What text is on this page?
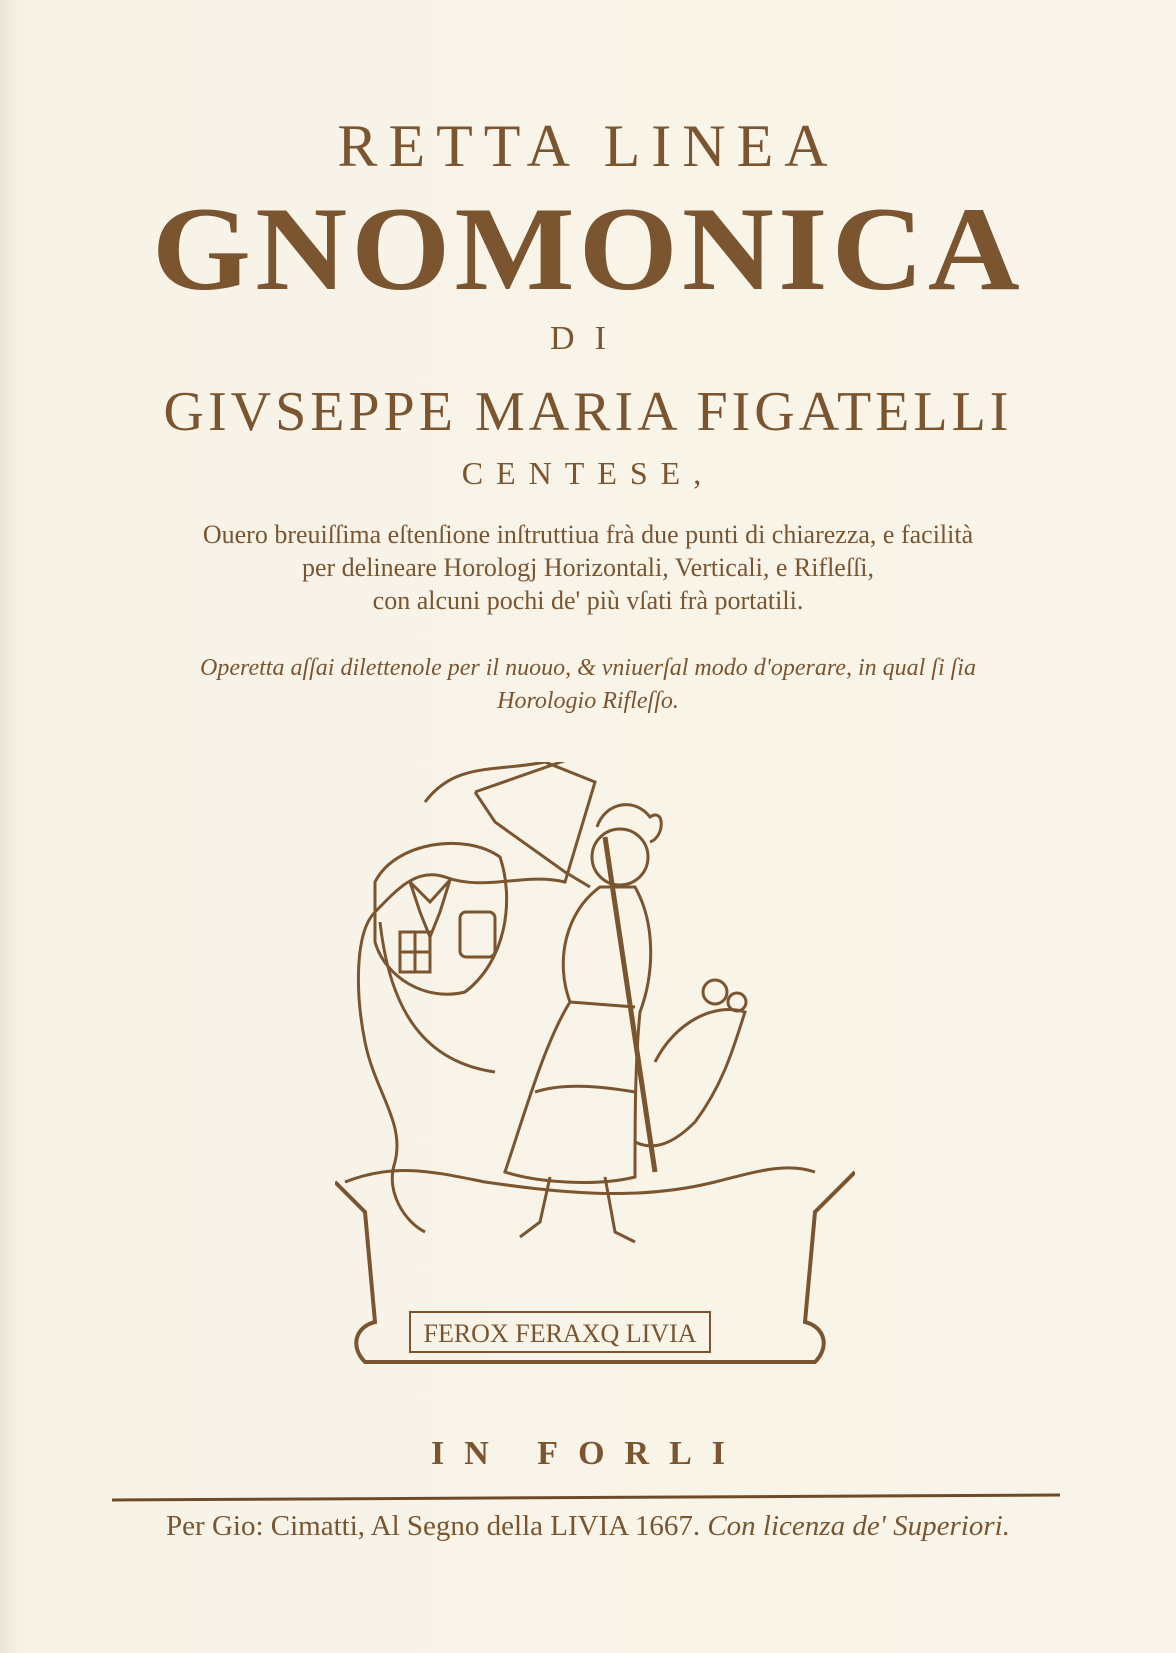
RETTA LINEA
GNOMONICA
DI
GIVSEPPE MARIA FIGATELLI
CENTESE,
Ouero breuiſſima eſtenſione inſtruttiua frà due punti di chiarezza, e facilità
per delineare Horologj Horizontali, Verticali, e Rifleſſi,
con alcuni pochi de' più vſati frà portatili.
Operetta aſſai dilettenole per il nuouo, & vniuerſal modo d'operare, in qual ſi ſia
Horologio Rifleſſo.
FEROX FERAXQ LIVIA
IN FORLI
Per Gio: Cimatti, Al Segno della LIVIA 1667. Con licenza de' Superiori.
